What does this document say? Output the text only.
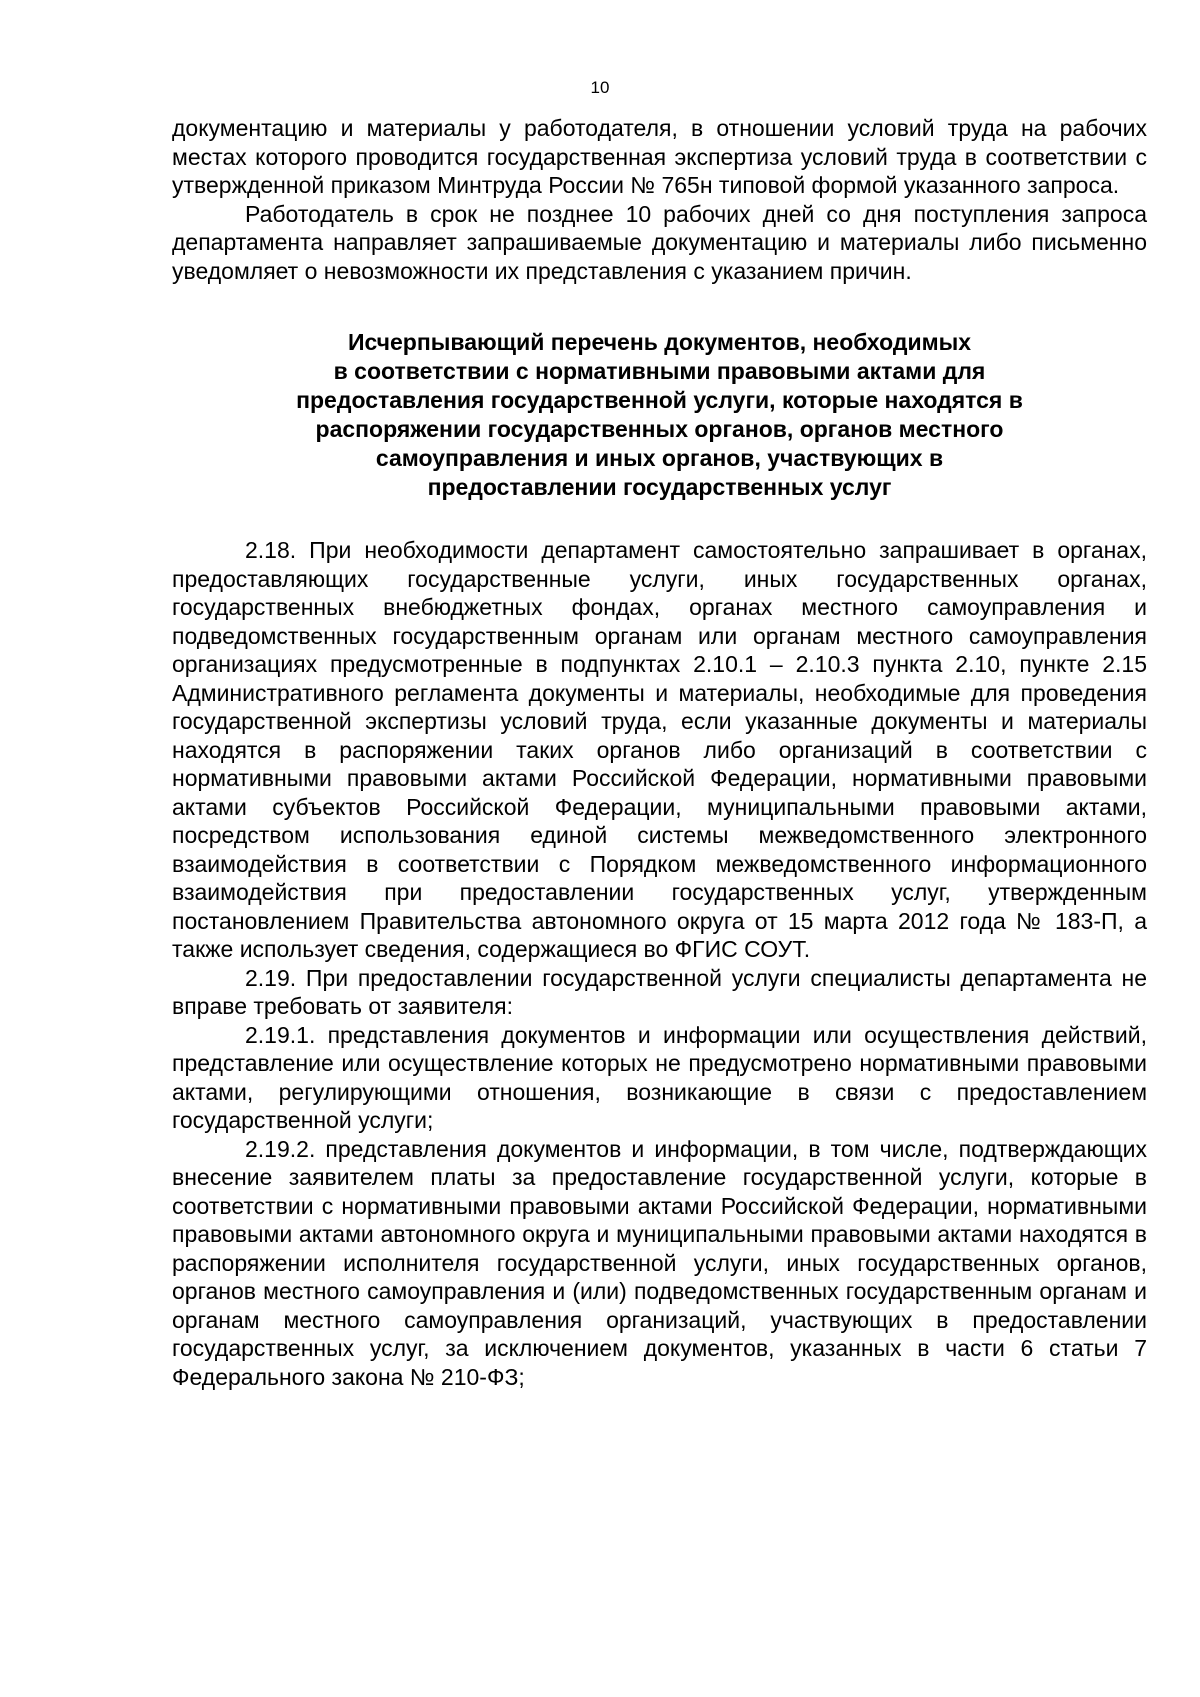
10

документацию и материалы у работодателя, в отношении условий труда на рабочих местах которого проводится государственная экспертиза условий труда в соответствии с утвержденной приказом Минтруда России № 765н типовой формой указанного запроса.

Работодатель в срок не позднее 10 рабочих дней со дня поступления запроса департамента направляет запрашиваемые документацию и материалы либо письменно уведомляет о невозможности их представления с указанием причин.

Исчерпывающий перечень документов, необходимых
в соответствии с нормативными правовыми актами для
предоставления государственной услуги, которые находятся в
распоряжении государственных органов, органов местного
самоуправления и иных органов, участвующих в
предоставлении государственных услуг

2.18. При необходимости департамент самостоятельно запрашивает в органах, предоставляющих государственные услуги, иных государственных органах, государственных внебюджетных фондах, органах местного самоуправления и подведомственных государственным органам или органам местного самоуправления организациях предусмотренные в подпунктах 2.10.1 – 2.10.3 пункта 2.10, пункте 2.15 Административного регламента документы и материалы, необходимые для проведения государственной экспертизы условий труда, если указанные документы и материалы находятся в распоряжении таких органов либо организаций в соответствии с нормативными правовыми актами Российской Федерации, нормативными правовыми актами субъектов Российской Федерации, муниципальными правовыми актами, посредством использования единой системы межведомственного электронного взаимодействия в соответствии с Порядком межведомственного информационного взаимодействия при предоставлении государственных услуг, утвержденным постановлением Правительства автономного округа от 15 марта 2012 года № 183-П, а также использует сведения, содержащиеся во ФГИС СОУТ.

2.19. При предоставлении государственной услуги специалисты департамента не вправе требовать от заявителя:

2.19.1. представления документов и информации или осуществления действий, представление или осуществление которых не предусмотрено нормативными правовыми актами, регулирующими отношения, возникающие в связи с предоставлением государственной услуги;

2.19.2. представления документов и информации, в том числе, подтверждающих внесение заявителем платы за предоставление государственной услуги, которые в соответствии с нормативными правовыми актами Российской Федерации, нормативными правовыми актами автономного округа и муниципальными правовыми актами находятся в распоряжении исполнителя государственной услуги, иных государственных органов, органов местного самоуправления и (или) подведомственных государственным органам и органам местного самоуправления организаций, участвующих в предоставлении государственных услуг, за исключением документов, указанных в части 6 статьи 7 Федерального закона № 210-ФЗ;
